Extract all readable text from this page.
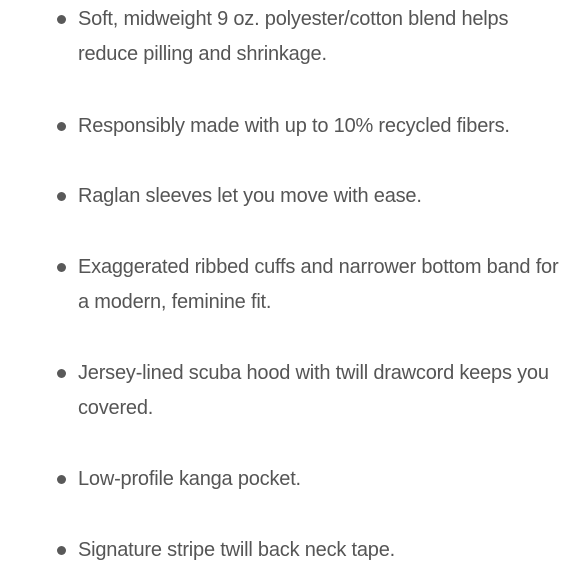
Soft, midweight 9 oz. polyester/cotton blend helps reduce pilling and shrinkage.
Responsibly made with up to 10% recycled fibers.
Raglan sleeves let you move with ease.
Exaggerated ribbed cuffs and narrower bottom band for a modern, feminine fit.
Jersey-lined scuba hood with twill drawcord keeps you covered.
Low-profile kanga pocket.
Signature stripe twill back neck tape.
